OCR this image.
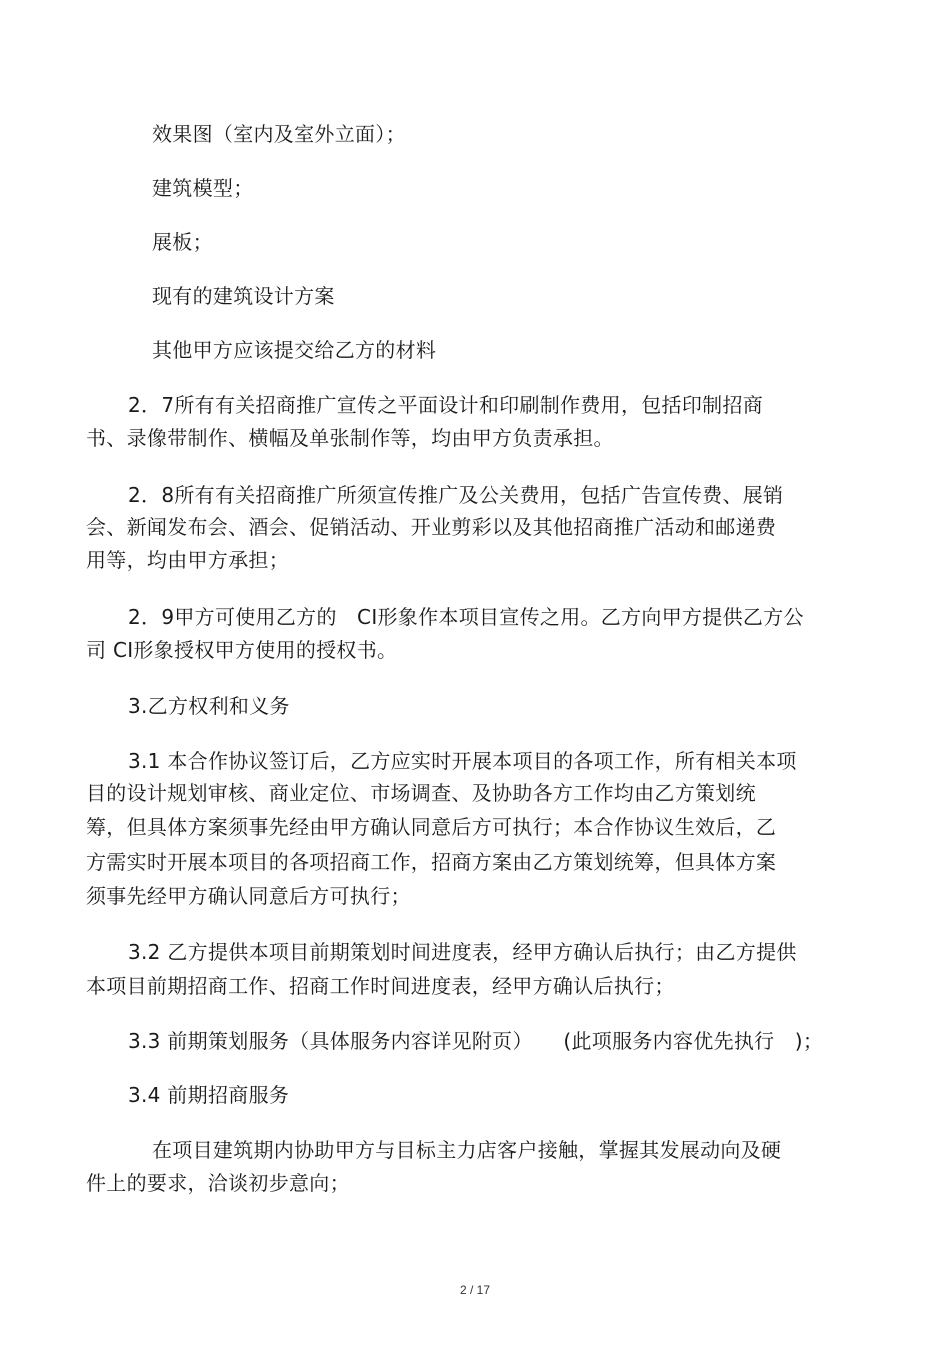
效果图（室内及室外立面）；
建筑模型；
展板；
现有的建筑设计方案
其他甲方应该提交给乙方的材料
2．7所有有关招商推广宣传之平面设计和印刷制作费用，包括印制招商
书、录像带制作、横幅及单张制作等，均由甲方负责承担。
2．8所有有关招商推广所须宣传推广及公关费用，包括广告宣传费、展销
会、新闻发布会、酒会、促销活动、开业剪彩以及其他招商推广活动和邮递费
用等，均由甲方承担；
2．9甲方可使用乙方的　CI形象作本项目宣传之用。乙方向甲方提供乙方公
司 CI形象授权甲方使用的授权书。
3.乙方权利和义务
3.1 本合作协议签订后，乙方应实时开展本项目的各项工作，所有相关本项
目的设计规划审核、商业定位、市场调查、及协助各方工作均由乙方策划统
筹，但具体方案须事先经由甲方确认同意后方可执行；本合作协议生效后，乙
方需实时开展本项目的各项招商工作，招商方案由乙方策划统筹，但具体方案
须事先经甲方确认同意后方可执行；
3.2 乙方提供本项目前期策划时间进度表，经甲方确认后执行；由乙方提供
本项目前期招商工作、招商工作时间进度表，经甲方确认后执行；
3.3 前期策划服务（具体服务内容详见附页）　　(此项服务内容优先执行　)；
3.4 前期招商服务
在项目建筑期内协助甲方与目标主力店客户接触，掌握其发展动向及硬
件上的要求，洽谈初步意向；
2 / 17
